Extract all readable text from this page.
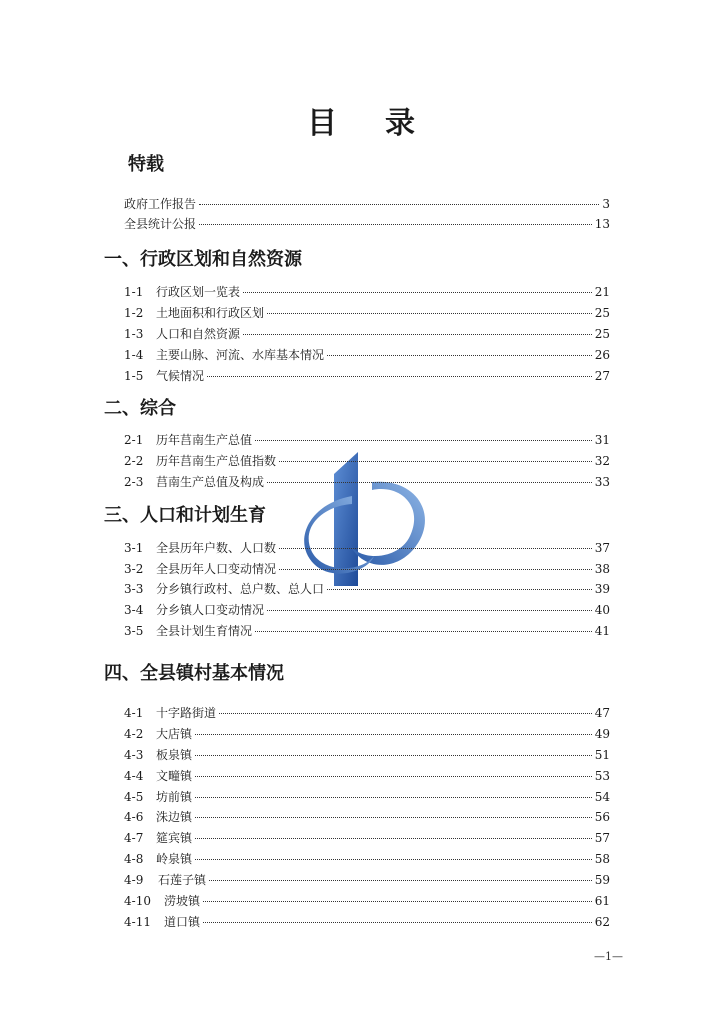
目 录
特载
政府工作报告	3
全县统计公报	13
一、行政区划和自然资源
1-1	行政区划一览表	21
1-2	土地面积和行政区划	25
1-3	人口和自然资源	25
1-4	主要山脉、河流、水库基本情况	26
1-5	气候情况	27
二、综合
2-1	历年莒南生产总值	31
2-2	历年莒南生产总值指数	32
2-3	莒南生产总值及构成	33
三、人口和计划生育
3-1	全县历年户数、人口数	37
3-2	全县历年人口变动情况	38
3-3	分乡镇行政村、总户数、总人口	39
3-4	分乡镇人口变动情况	40
3-5	全县计划生育情况	41
四、全县镇村基本情况
4-1	十字路街道	47
4-2	大店镇	49
4-3	板泉镇	51
4-4	文疃镇	53
4-5	坊前镇	54
4-6	洙边镇	56
4-7	筵宾镇	57
4-8	岭泉镇	58
4-9	石莲子镇	59
4-10	涝坡镇	61
4-11	道口镇	62
—1—
